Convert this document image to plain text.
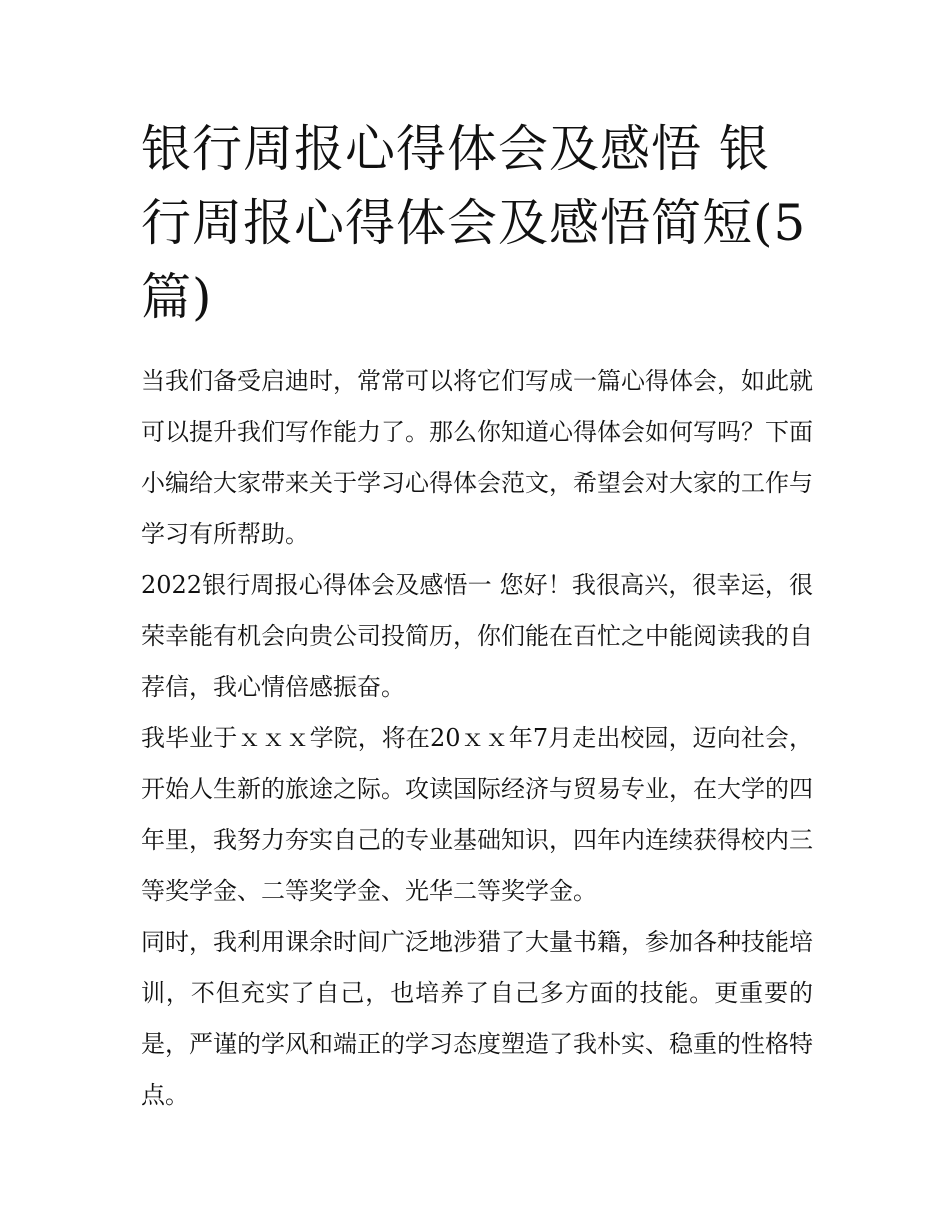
银行周报心得体会及感悟 银行周报心得体会及感悟简短(5篇)

当我们备受启迪时，常常可以将它们写成一篇心得体会，如此就可以提升我们写作能力了。那么你知道心得体会如何写吗？下面小编给大家带来关于学习心得体会范文，希望会对大家的工作与学习有所帮助。

2022银行周报心得体会及感悟一 您好！我很高兴，很幸运，很荣幸能有机会向贵公司投简历，你们能在百忙之中能阅读我的自荐信，我心情倍感振奋。

我毕业于ｘｘｘ学院，将在20ｘｘ年7月走出校园，迈向社会，开始人生新的旅途之际。攻读国际经济与贸易专业，在大学的四年里，我努力夯实自己的专业基础知识，四年内连续获得校内三等奖学金、二等奖学金、光华二等奖学金。

同时，我利用课余时间广泛地涉猎了大量书籍，参加各种技能培训，不但充实了自己，也培养了自己多方面的技能。更重要的是，严谨的学风和端正的学习态度塑造了我朴实、稳重的性格特点。
